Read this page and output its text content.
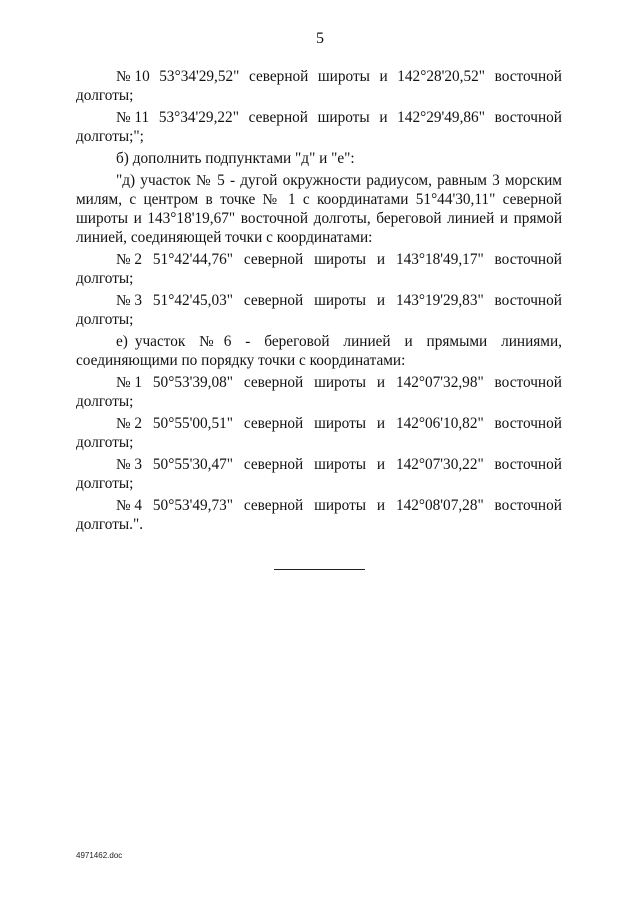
5
№ 10 53°34'29,52" северной широты и 142°28'20,52" восточной
долготы;
№ 11 53°34'29,22" северной широты и 142°29'49,86" восточной
долготы;";

б) дополнить подпунктами "д" и "е":

"д) участок № 5 - дугой окружности радиусом, равным 3 морским милям, с центром в точке № 1 с координатами 51°44'30,11" северной широты и 143°18'19,67" восточной долготы, береговой линией и прямой линией, соединяющей точки с координатами:

№ 2 51°42'44,76" северной широты и 143°18'49,17" восточной
долготы;
№ 3 51°42'45,03" северной широты и 143°19'29,83" восточной
долготы;

е) участок  № 6  -  береговой  линией  и  прямыми  линиями, соединяющими по порядку точки с координатами:

№ 1 50°53'39,08" северной широты и 142°07'32,98" восточной
долготы;
№ 2 50°55'00,51" северной широты и 142°06'10,82" восточной
долготы;
№ 3 50°55'30,47" северной широты и 142°07'30,22" восточной
долготы;
№ 4 50°53'49,73" северной широты и 142°08'07,28" восточной
долготы.".
4971462.doc
